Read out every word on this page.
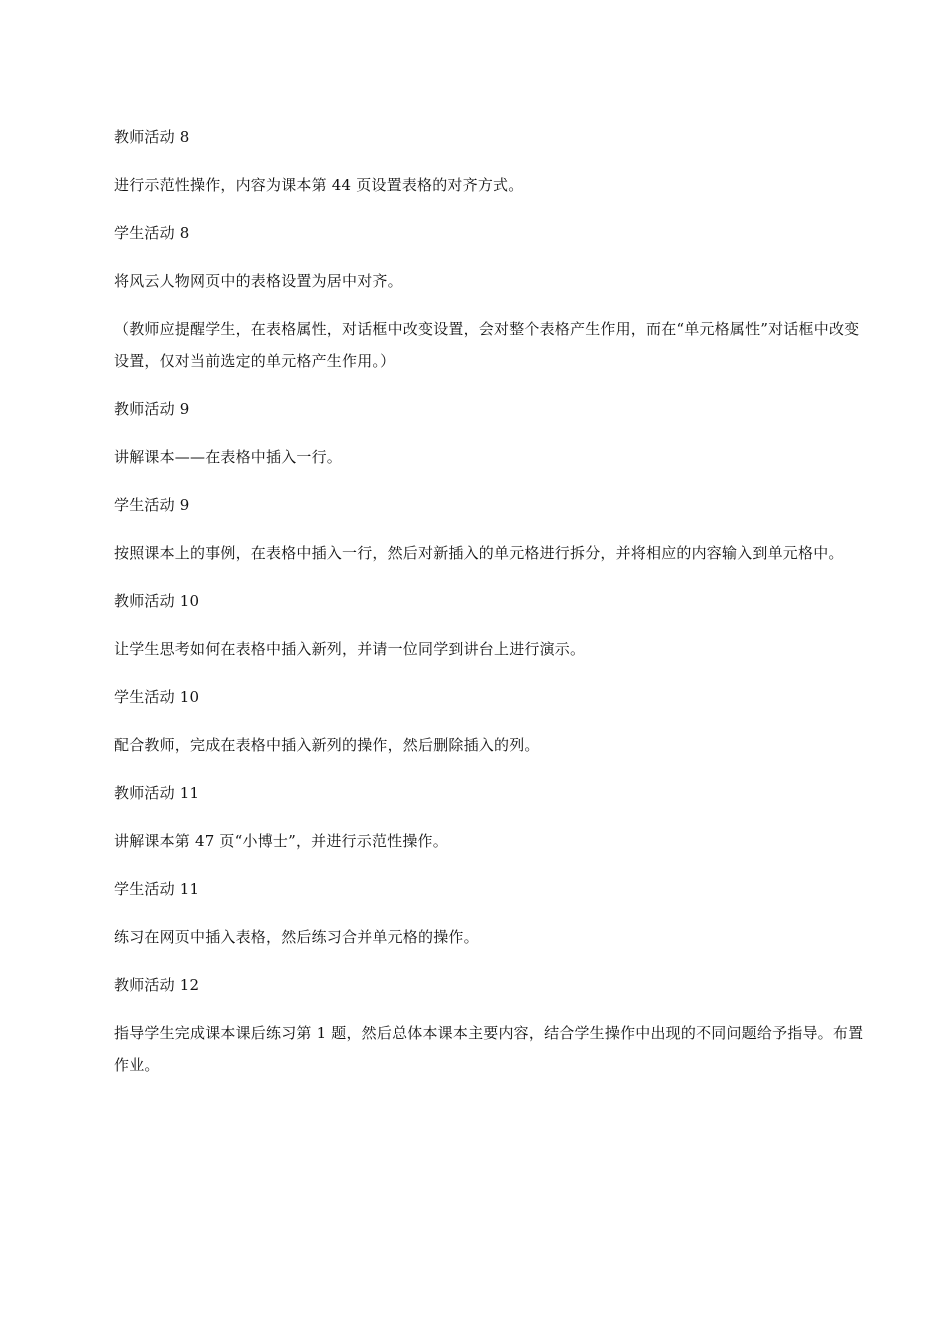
教师活动 8

进行示范性操作，内容为课本第 44 页设置表格的对齐方式。

学生活动 8

将风云人物网页中的表格设置为居中对齐。

（教师应提醒学生，在表格属性，对话框中改变设置，会对整个表格产生作用，而在“单元格属性”对话框中改变设置，仅对当前选定的单元格产生作用。）

教师活动 9

讲解课本——在表格中插入一行。

学生活动 9

按照课本上的事例，在表格中插入一行，然后对新插入的单元格进行拆分，并将相应的内容输入到单元格中。

教师活动 10

让学生思考如何在表格中插入新列，并请一位同学到讲台上进行演示。

学生活动 10

配合教师，完成在表格中插入新列的操作，然后删除插入的列。

教师活动 11

讲解课本第 47 页“小博士”，并进行示范性操作。

学生活动 11

练习在网页中插入表格，然后练习合并单元格的操作。

教师活动 12

指导学生完成课本课后练习第 1 题，然后总体本课本主要内容，结合学生操作中出现的不同问题给予指导。布置作业。
